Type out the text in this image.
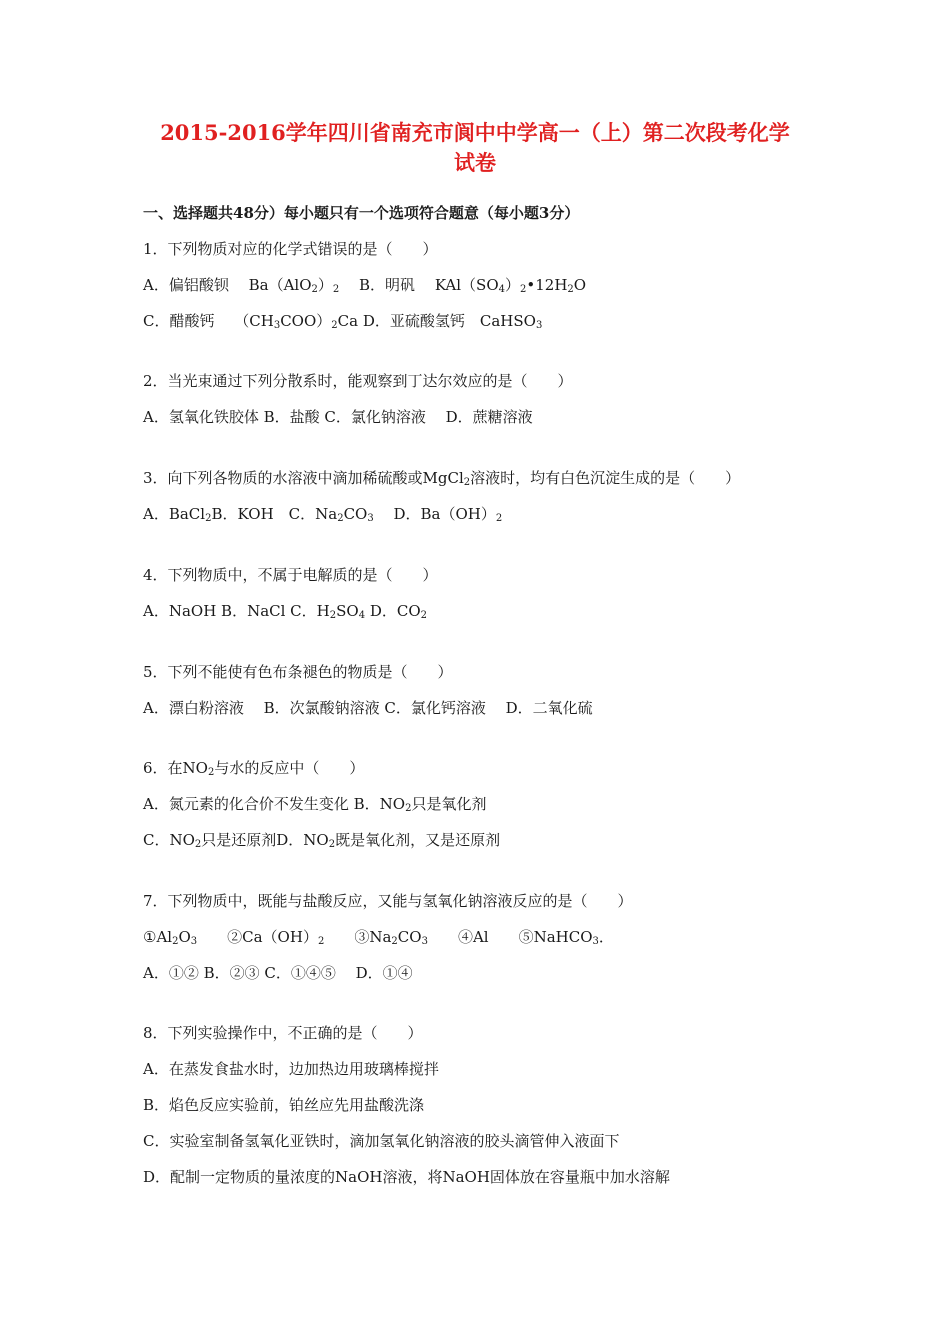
2015-2016学年四川省南充市阆中中学高一（上）第二次段考化学
试卷
一、选择题共48分）每小题只有一个选项符合题意（每小题3分）
1．下列物质对应的化学式错误的是（　　）
A．偏铝酸钡　 $Ba(AlO_2)_2$　 B．明矾　 $KAl(SO_4)_2•12H_2O$
C．醋酸钙　 $(CH_3COO)_2Ca$ D．亚硫酸氢钙　CaHSO$_3$
2．当光束通过下列分散系时，能观察到丁达尔效应的是（　　）
A．氢氧化铁胶体 B．盐酸 C．氯化钠溶液　 D．蔗糖溶液
3．向下列各物质的水溶液中滴加稀硫酸或MgCl$_2$溶液时，均有白色沉淀生成的是（　　）
A．BaCl$_2$B．KOH　C．$Na_2CO_3$　 D．$Ba(OH)_2$
4．下列物质中，不属于电解质的是（　　）
A．NaOH B．NaCl C．$H_2SO_4$ D．$CO_2$
5．下列不能使有色布条褪色的物质是（　　）
A．漂白粉溶液　 B．次氯酸钠溶液 C．氯化钙溶液　 D．二氧化硫
6．在$NO_2$与水的反应中（　　）
A．氮元素的化合价不发生变化 B．$NO_2$只是氧化剂
C．$NO_2$只是还原剂D．$NO_2$既是氧化剂，又是还原剂
7．下列物质中，既能与盐酸反应，又能与氢氧化钠溶液反应的是（　　）
$①Al_2O_3$　　$②Ca(OH)_2$　　$③Na_2CO_3$　　④Al　　⑤NaHCO$_3$．
A．①② B．②③ C．①④⑤　 D．①④
8．下列实验操作中，不正确的是（　　）
A．在蒸发食盐水时，边加热边用玻璃棒搅拌
B．焰色反应实验前，铂丝应先用盐酸洗涤
C．实验室制备氢氧化亚铁时，滴加氢氧化钠溶液的胶头滴管伸入液面下
D．配制一定物质的量浓度的NaOH溶液，将NaOH固体放在容量瓶中加水溶解
